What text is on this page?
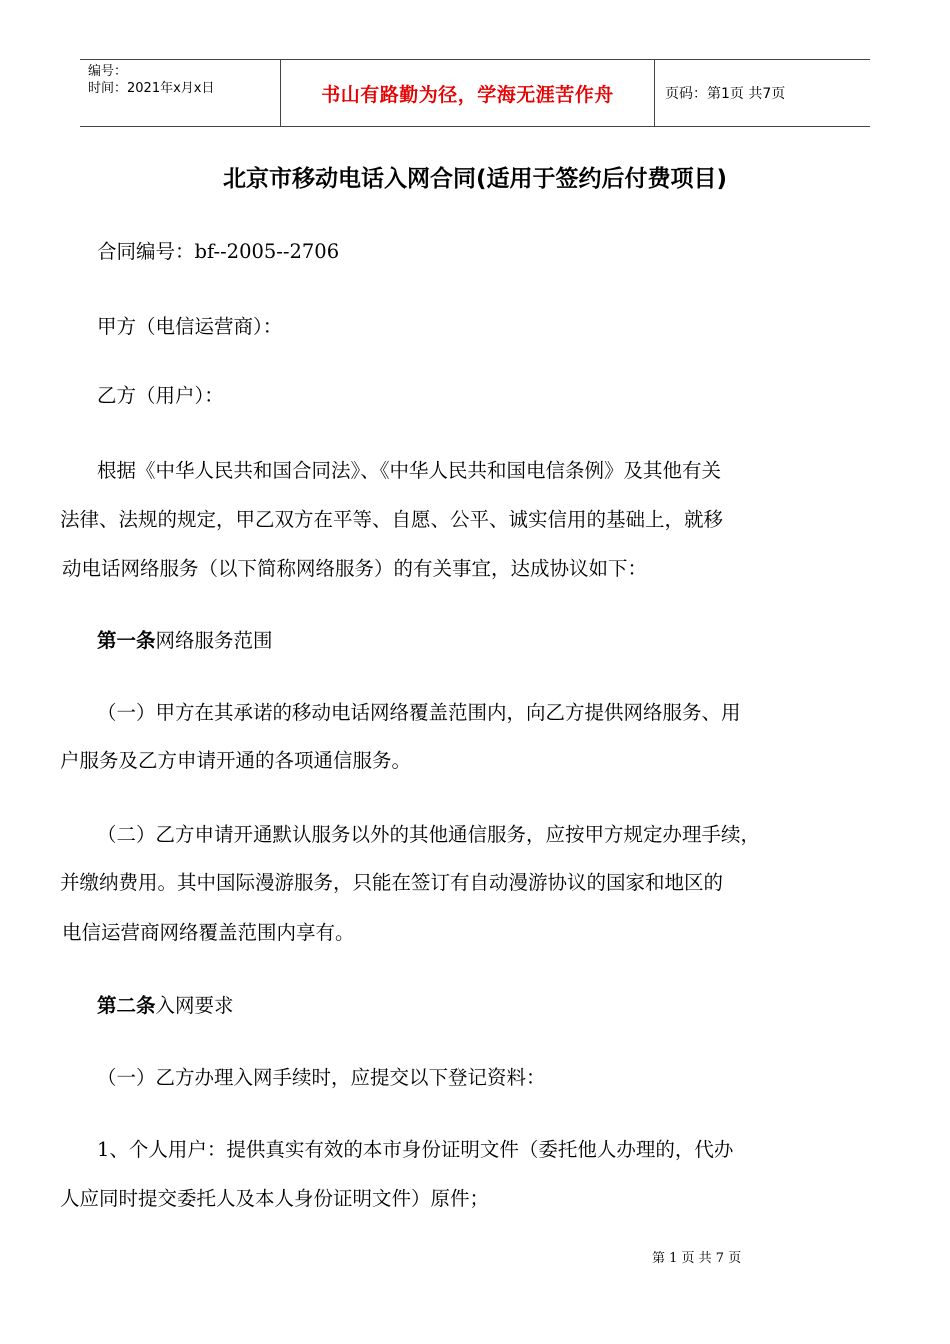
编号：
时间：2021年x月x日	书山有路勤为径，学海无涯苦作舟	页码：第1页 共7页
北京市移动电话入网合同(适用于签约后付费项目)
合同编号：bf--2005--2706
甲方（电信运营商）：
乙方（用户）：
根据《中华人民共和国合同法》、《中华人民共和国电信条例》及其他有关
法律、法规的规定，甲乙双方在平等、自愿、公平、诚实信用的基础上，就移
动电话网络服务（以下简称网络服务）的有关事宜，达成协议如下：
第一条网络服务范围
（一）甲方在其承诺的移动电话网络覆盖范围内，向乙方提供网络服务、用
户服务及乙方申请开通的各项通信服务。
（二）乙方申请开通默认服务以外的其他通信服务，应按甲方规定办理手续，
并缴纳费用。其中国际漫游服务，只能在签订有自动漫游协议的国家和地区的
电信运营商网络覆盖范围内享有。
第二条入网要求
（一）乙方办理入网手续时，应提交以下登记资料：
1、个人用户：提供真实有效的本市身份证明文件（委托他人办理的，代办
人应同时提交委托人及本人身份证明文件）原件；
第 1 页 共 7 页
